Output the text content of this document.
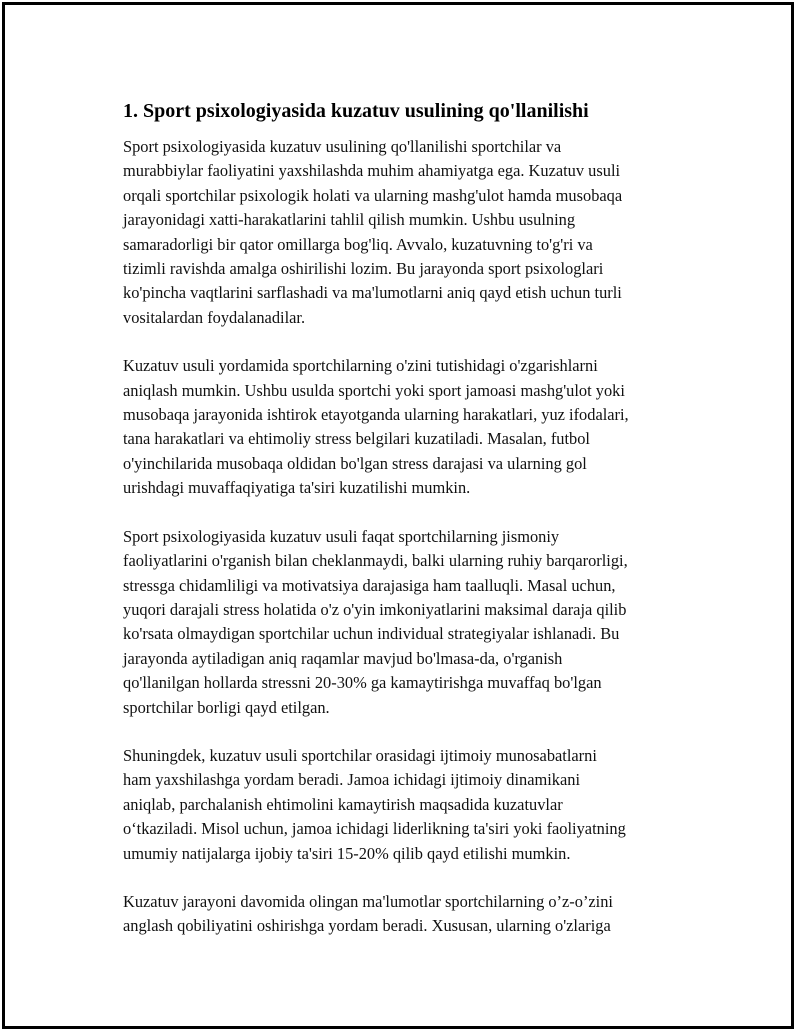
1. Sport psixologiyasida kuzatuv usulining qo'llanilishi

Sport psixologiyasida kuzatuv usulining qo'llanilishi sportchilar va
murabbiylar faoliyatini yaxshilashda muhim ahamiyatga ega. Kuzatuv usuli
orqali sportchilar psixologik holati va ularning mashg'ulot hamda musobaqa
jarayonidagi xatti-harakatlarini tahlil qilish mumkin. Ushbu usulning
samaradorligi bir qator omillarga bog'liq. Avvalo, kuzatuvning to'g'ri va
tizimli ravishda amalga oshirilishi lozim. Bu jarayonda sport psixologlari
ko'pincha vaqtlarini sarflashadi va ma'lumotlarni aniq qayd etish uchun turli
vositalardan foydalanadilar.

Kuzatuv usuli yordamida sportchilarning o'zini tutishidagi o'zgarishlarni
aniqlash mumkin. Ushbu usulda sportchi yoki sport jamoasi mashg'ulot yoki
musobaqa jarayonida ishtirok etayotganda ularning harakatlari, yuz ifodalari,
tana harakatlari va ehtimoliy stress belgilari kuzatiladi. Masalan, futbol
o'yinchilarida musobaqa oldidan bo'lgan stress darajasi va ularning gol
urishdagi muvaffaqiyatiga ta'siri kuzatilishi mumkin.

Sport psixologiyasida kuzatuv usuli faqat sportchilarning jismoniy
faoliyatlarini o'rganish bilan cheklanmaydi, balki ularning ruhiy barqarorligi,
stressga chidamliligi va motivatsiya darajasiga ham taalluqli. Masal uchun,
yuqori darajali stress holatida o'z o'yin imkoniyatlarini maksimal daraja qilib
ko'rsata olmaydigan sportchilar uchun individual strategiyalar ishlanadi. Bu
jarayonda aytiladigan aniq raqamlar mavjud bo'lmasa-da, o'rganish
qo'llanilgan hollarda stressni 20-30% ga kamaytirishga muvaffaq bo'lgan
sportchilar borligi qayd etilgan.

Shuningdek, kuzatuv usuli sportchilar orasidagi ijtimoiy munosabatlarni
ham yaxshilashga yordam beradi. Jamoa ichidagi ijtimoiy dinamikani
aniqlab, parchalanish ehtimolini kamaytirish maqsadida kuzatuvlar
o‘tkaziladi. Misol uchun, jamoa ichidagi liderlikning ta'siri yoki faoliyatning
umumiy natijalarga ijobiy ta'siri 15-20% qilib qayd etilishi mumkin.

Kuzatuv jarayoni davomida olingan ma'lumotlar sportchilarning o’z-o’zini
anglash qobiliyatini oshirishga yordam beradi. Xususan, ularning o'zlariga
